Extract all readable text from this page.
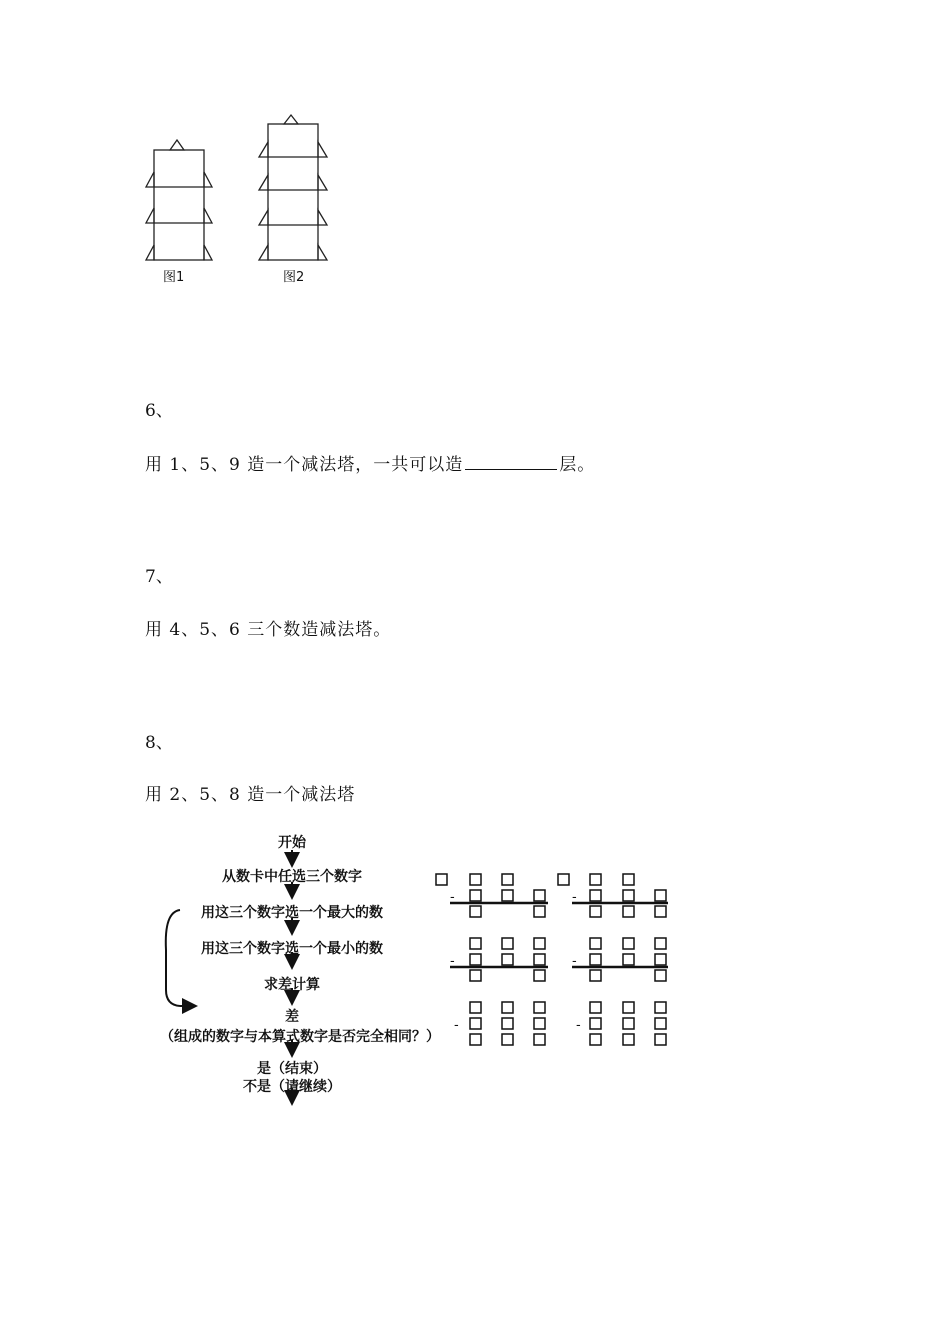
图1	图2
6、
用 1、5、9 造一个减法塔，一共可以造	层。
7、
用 4、5、6 三个数造减法塔。
8、
用 2、5、8 造一个减法塔
开始
从数卡中任选三个数字
用这三个数字选一个最大的数
用这三个数字选一个最小的数
求差计算
差
（组成的数字与本算式数字是否完全相同？）
是（结束）
不是（请继续）
-	-
-	-
-	-
